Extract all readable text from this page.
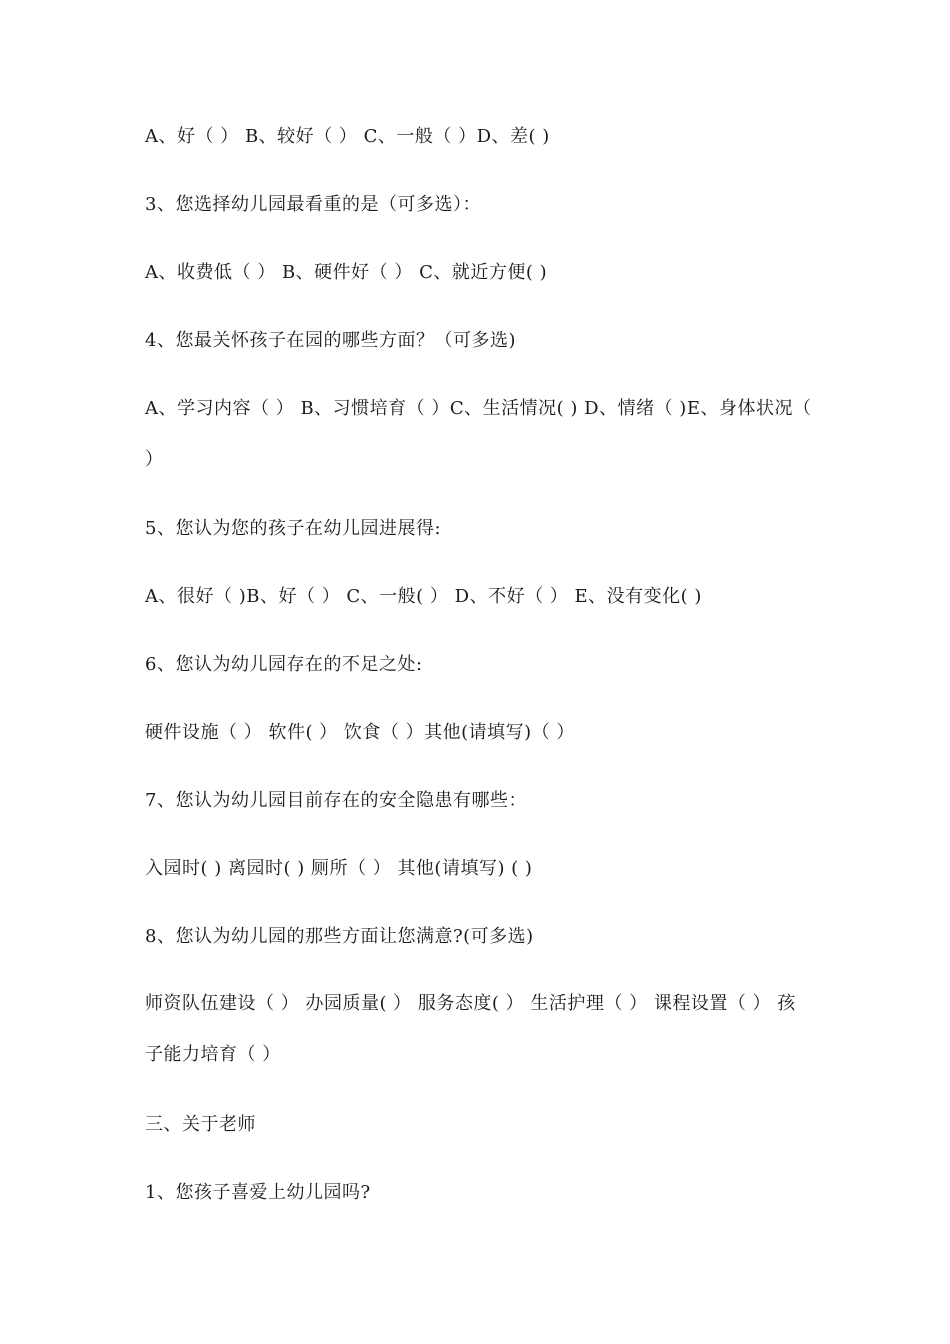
A、好（ ） B、较好（ ） C、一般（ ）D、差( )
3、您选择幼儿园最看重的是（可多选）：
A、收费低（ ） B、硬件好（ ） C、就近方便( )
4、您最关怀孩子在园的哪些方面？（可多选)
A、学习内容（ ） B、习惯培育（ ）C、生活情况( ) D、情绪（ )E、身体状况（ ）
5、您认为您的孩子在幼儿园进展得:
A、很好（ )B、好（ ） C、一般( ） D、不好（ ） E、没有变化( )
6、您认为幼儿园存在的不足之处:
硬件设施（ ） 软件( ） 饮食（ ）其他(请填写)（ ）
7、您认为幼儿园目前存在的安全隐患有哪些：
入园时( ) 离园时( ) 厕所（ ） 其他(请填写) ( )
8、您认为幼儿园的那些方面让您满意?(可多选)
师资队伍建设（ ） 办园质量( ） 服务态度( ） 生活护理（ ） 课程设置（ ） 孩子能力培育（ ）
三、关于老师
1、您孩子喜爱上幼儿园吗?
